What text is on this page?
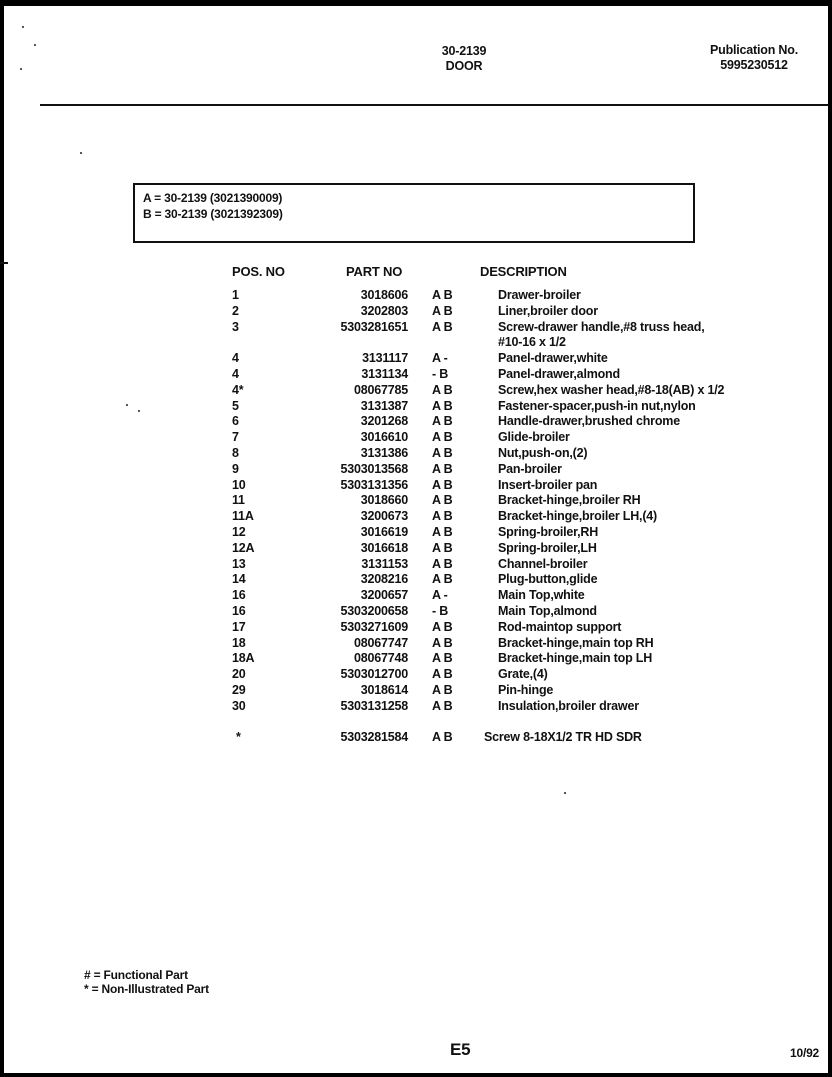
30-2139
DOOR
Publication No.
5995230512
A = 30-2139 (3021390009)
B = 30-2139 (3021392309)
POS. NO	PART NO	DESCRIPTION
1	3018606	A B	Drawer-broiler
2	3202803	A B	Liner,broiler door
3	5303281651	A B	Screw-drawer handle,#8 truss head,
			#10-16 x 1/2
4	3131117	A -	Panel-drawer,white
4	3131134	- B	Panel-drawer,almond
4*	08067785	A B	Screw,hex washer head,#8-18(AB) x 1/2
5	3131387	A B	Fastener-spacer,push-in nut,nylon
6	3201268	A B	Handle-drawer,brushed chrome
7	3016610	A B	Glide-broiler
8	3131386	A B	Nut,push-on,(2)
9	5303013568	A B	Pan-broiler
10	5303131356	A B	Insert-broiler pan
11	3018660	A B	Bracket-hinge,broiler RH
11A	3200673	A B	Bracket-hinge,broiler LH,(4)
12	3016619	A B	Spring-broiler,RH
12A	3016618	A B	Spring-broiler,LH
13	3131153	A B	Channel-broiler
14	3208216	A B	Plug-button,glide
16	3200657	A -	Main Top,white
16	5303200658	- B	Main Top,almond
17	5303271609	A B	Rod-maintop support
18	08067747	A B	Bracket-hinge,main top RH
18A	08067748	A B	Bracket-hinge,main top LH
20	5303012700	A B	Grate,(4)
29	3018614	A B	Pin-hinge
30	5303131258	A B	Insulation,broiler drawer
*	5303281584 A B	Screw 8-18X1/2 TR HD SDR
# = Functional Part
* = Non-Illustrated Part
E5	10/92
